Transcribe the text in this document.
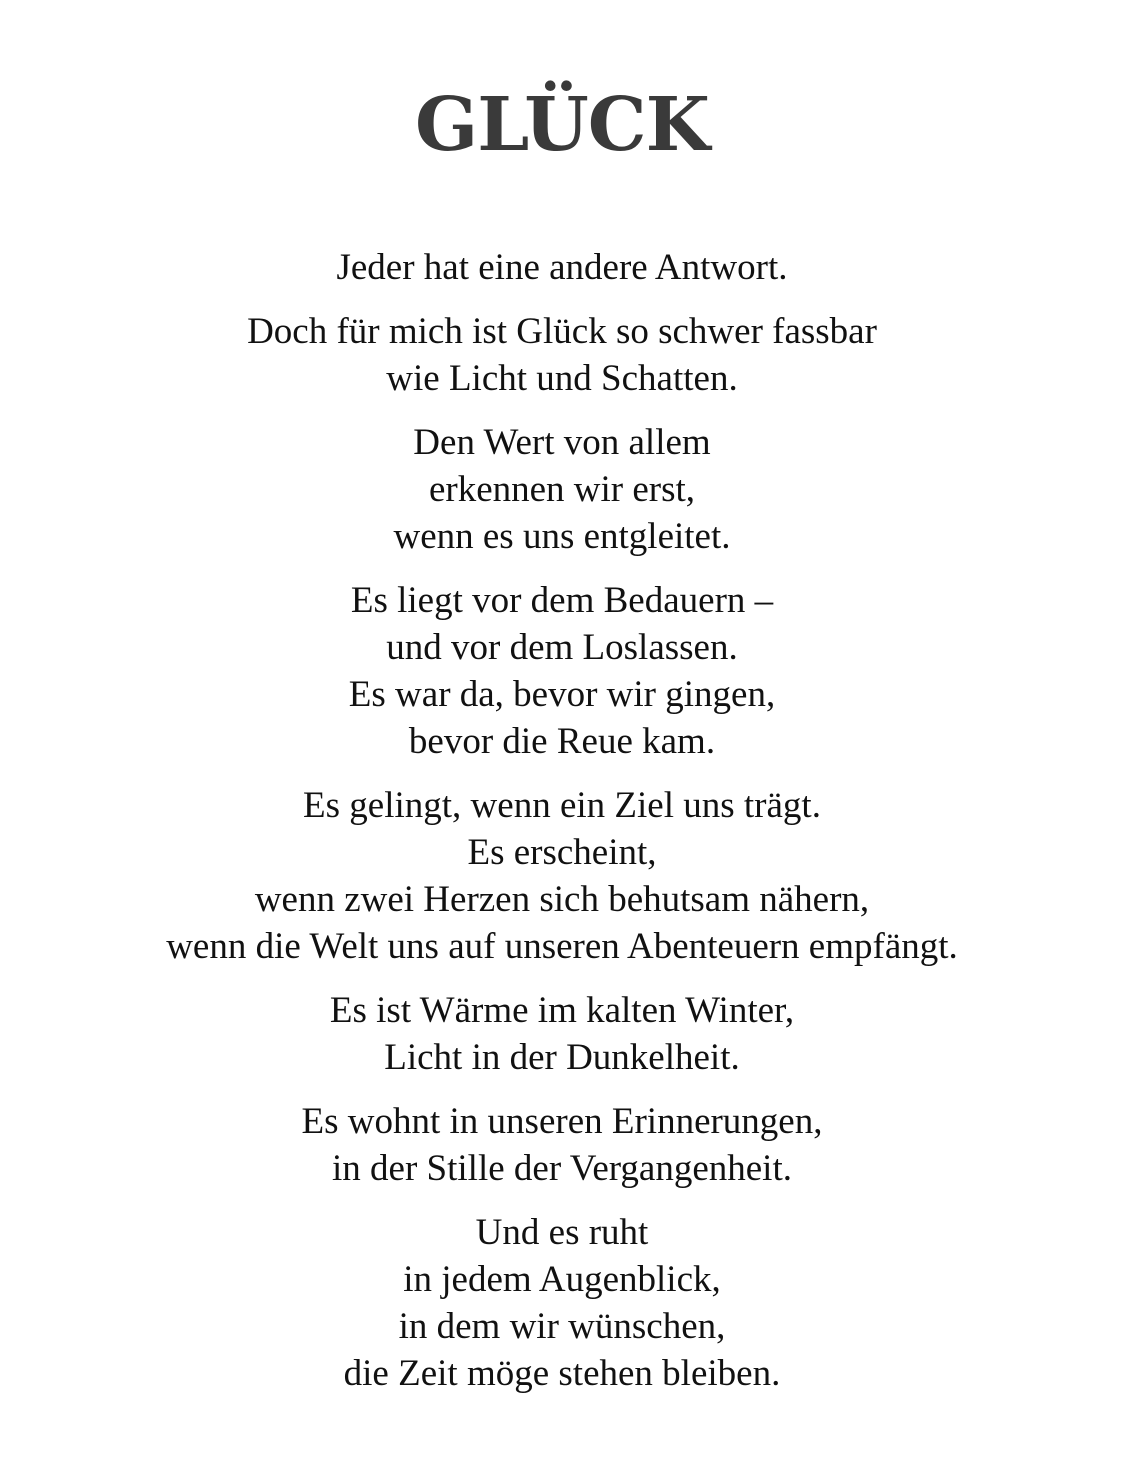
GLÜCK

Jeder hat eine andere Antwort.

Doch für mich ist Glück so schwer fassbar
wie Licht und Schatten.

Den Wert von allem
erkennen wir erst,
wenn es uns entgleitet.

Es liegt vor dem Bedauern –
und vor dem Loslassen.
Es war da, bevor wir gingen,
bevor die Reue kam.

Es gelingt, wenn ein Ziel uns trägt.
Es erscheint,
wenn zwei Herzen sich behutsam nähern,
wenn die Welt uns auf unseren Abenteuern empfängt.

Es ist Wärme im kalten Winter,
Licht in der Dunkelheit.

Es wohnt in unseren Erinnerungen,
in der Stille der Vergangenheit.

Und es ruht
in jedem Augenblick,
in dem wir wünschen,
die Zeit möge stehen bleiben.
